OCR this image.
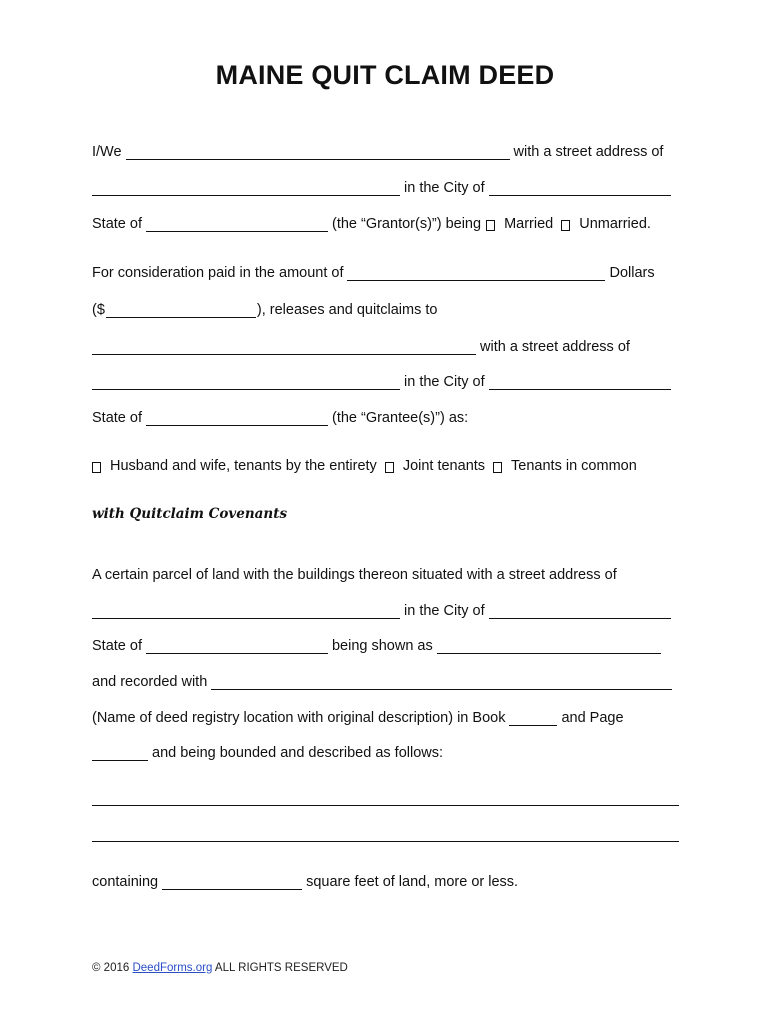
MAINE QUIT CLAIM DEED
I/We	with a street address of
in the City of
State of	(the “Grantor(s)”) being Married Unmarried.
For consideration paid in the amount of	Dollars
($	), releases and quitclaims to
with a street address of
in the City of
State of	(the “Grantee(s)”) as:
Husband and wife, tenants by the entirety Joint tenants Tenants in common
with Quitclaim Covenants
A certain parcel of land with the buildings thereon situated with a street address of
in the City of
State of	being shown as
and recorded with
(Name of deed registry location with original description) in Book	and Page
and being bounded and described as follows:
containing	square feet of land, more or less.
© 2016 DeedForms.org ALL RIGHTS RESERVED
